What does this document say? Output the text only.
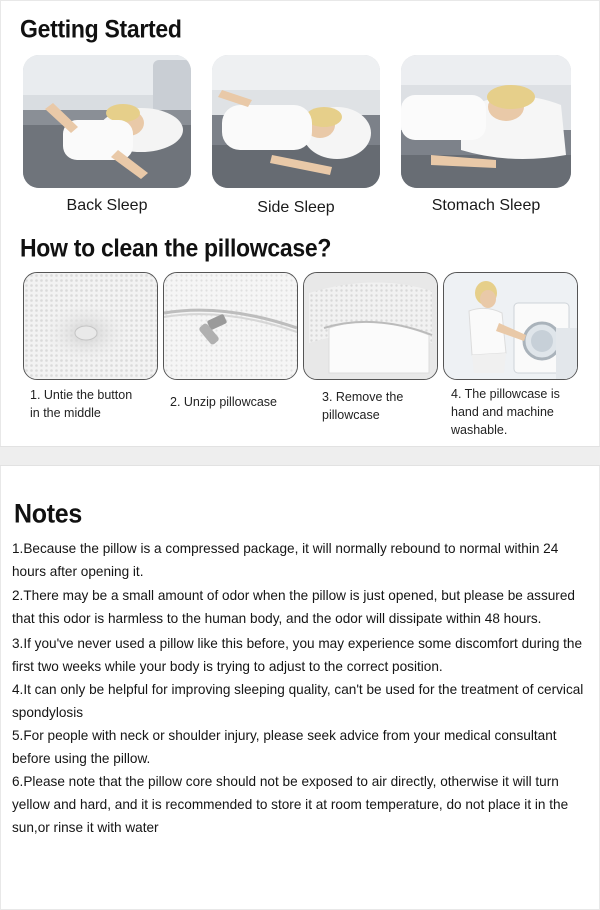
Getting Started
Back Sleep	Side Sleep	Stomach Sleep
How to clean the pillowcase?
1. Untie the button
in the middle
2. Unzip pillowcase	3. Remove the
pillowcase
4. The pillowcase is
hand and machine
washable.
Notes

1.Because the pillow is a compressed package, it will normally rebound to normal within 24 hours after opening it.

2.There may be a small amount of odor when the pillow is just opened, but please be assured that this odor is harmless to the human body, and the odor will dissipate within 48 hours.

3.If you've never used a pillow like this before, you may experience some discomfort during the first two weeks while your body is trying to adjust to the correct position.

4.It can only be helpful for improving sleeping quality, can't be used for the treatment of cervical spondylosis

5.For people with neck or shoulder injury, please seek advice from your medical consultant before using the pillow.

6.Please note that the pillow core should not be exposed to air directly, otherwise it will turn yellow and hard, and it is recommended to store it at room temperature, do not place it in the sun,or rinse it with water
